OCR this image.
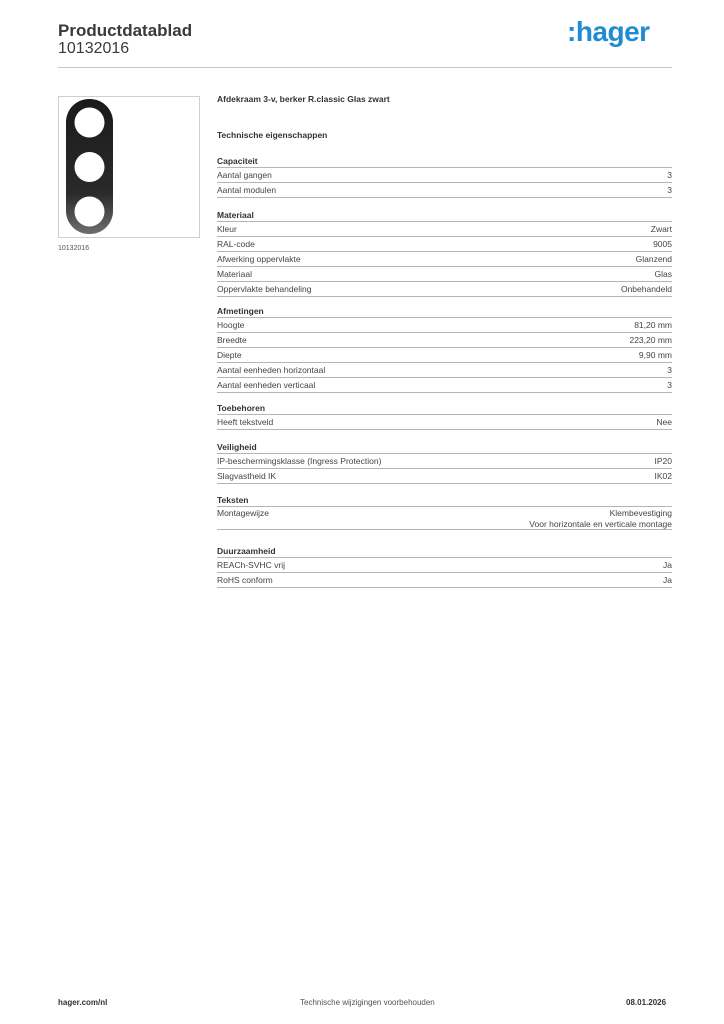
Productdatablad
10132016
:hager
10132016
Afdekraam 3-v, berker R.classic Glas zwart
Technische eigenschappen
Capaciteit
Aantal gangen	3
Aantal modulen	3
Materiaal
Kleur	Zwart
RAL-code	9005
Afwerking oppervlakte	Glanzend
Materiaal	Glas
Oppervlakte behandeling	Onbehandeld
Afmetingen
Hoogte	81,20 mm
Breedte	223,20 mm
Diepte	9,90 mm
Aantal eenheden horizontaal	3
Aantal eenheden verticaal	3
Toebehoren
Heeft tekstveld	Nee
Veiligheid
IP-beschermingsklasse (Ingress Protection)	IP20
Slagvastheid IK	IK02
Teksten
Montagewijze	Klembevestiging
Voor horizontale en verticale montage
Duurzaamheid
REACh-SVHC vrij	Ja
RoHS conform	Ja
hager.com/nl	Technische wijzigingen voorbehouden	08.01.2026
